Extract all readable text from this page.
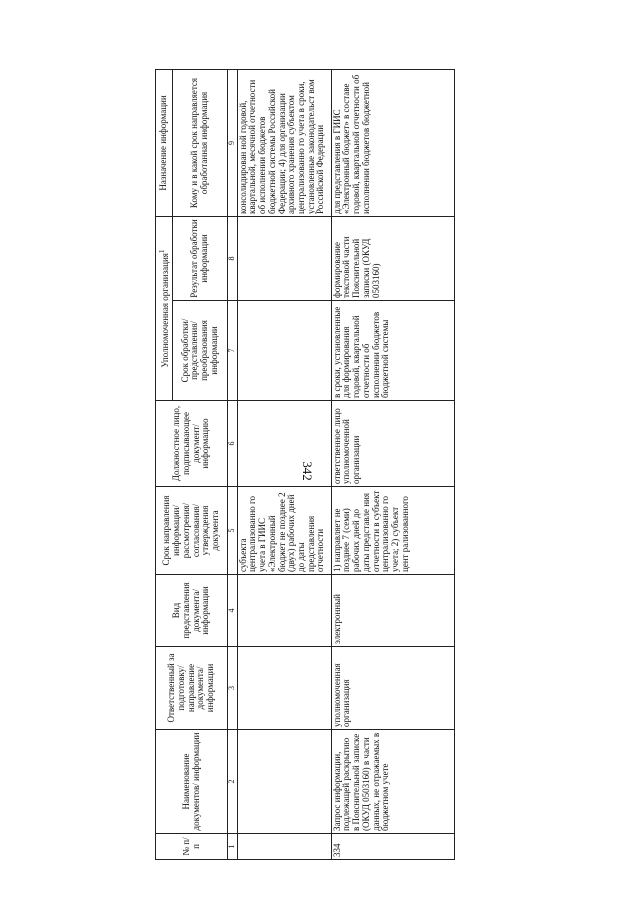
342
№ п/п	Наименование документов/ информации	Ответственный за подготовку/ направление документа/ информации	Вид представления документа/ информации	Срок направления информации/ рассмотрения/ согласования/ утверждения документа	Должностное лицо, подписывающее документ/ информацию	Уполномоченная организация$^1$		Назначение информации

						Срок обработки/ представления/ преобразования информации	Результат обработки информации	Кому и в какой срок направляется обработанная информация

1	2	3	4	5	6	7	8	9
				субъекта централизованно го учета в ГИИС «Электронный бюджет не позднее 2 (двух) рабочих дней до даты представления отчетности				консолидирован ной годовой, квартальной, месячной отчетности об исполнении бюджетов бюджетной системы Российской Федерации; 4) для организации архивного хранения субъектом централизованно го учета в сроки, установленные законодательст вом Российской Федерации
334	Запрос информации, подлежащей раскрытию в Пояснительной записке (ОКУД 0503160) в части данных, не отражаемых в бюджетном учете	уполномоченная организация	электронный	1) направляет не позднее 7 (семи) рабочих дней до даты представле ния отчетности в субъект централизованно го учета; 2) субъект цент рализованного	ответственное лицо уполномоченной организации	в сроки, установленные для формирования годовой, квартальной отчетности об исполнении бюджетов бюджетной системы	формирование текстовой части Пояснительной записки (ОКУД 0503160)	для представления в ГИИС «Электронный бюджет» в составе годовой, квартальной отчетности об исполнении бюджетов бюджетной
